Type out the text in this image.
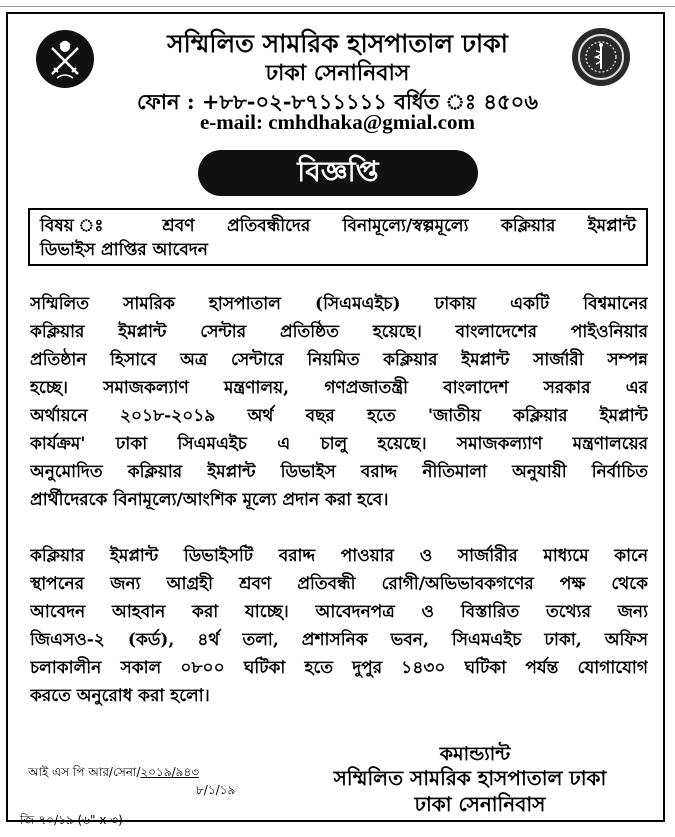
সম্মিলিত সামরিক হাসপাতাল ঢাকা
ঢাকা সেনানিবাস
ফোন : +৮৮-০২-৮৭১১১১১ বর্ধিত ঃ ৪৫০৬
e-mail: cmhdhaka@gmial.com
বিজ্ঞপ্তি
বিষয় ঃ শ্রবণ প্রতিবন্ধীদের বিনামূল্যে/স্বল্পমূল্যে কক্লিয়ার ইমপ্লান্ট
ডিভাইস প্রাপ্তির আবেদন
সম্মিলিত সামরিক হাসপাতাল (সিএমএইচ) ঢাকায় একটি বিশ্বমানের
কক্লিয়ার ইমপ্লান্ট সেন্টার প্রতিষ্ঠিত হয়েছে। বাংলাদেশের পাইওনিয়ার
প্রতিষ্ঠান হিসাবে অত্র সেন্টারে নিয়মিত কক্লিয়ার ইমপ্লান্ট সার্জারী সম্পন্ন
হচ্ছে। সমাজকল্যাণ মন্ত্রণালয়, গণপ্রজাতন্ত্রী বাংলাদেশ সরকার এর
অর্থায়নে ২০১৮-২০১৯ অর্থ বছর হতে 'জাতীয় কক্লিয়ার ইমপ্লান্ট
কার্যক্রম' ঢাকা সিএমএইচ এ চালু হয়েছে। সমাজকল্যাণ মন্ত্রণালয়ের
অনুমোদিত কক্লিয়ার ইমপ্লান্ট ডিভাইস বরাদ্দ নীতিমালা অনুযায়ী নির্বাচিত
প্রার্থীদেরকে বিনামূল্যে/আংশিক মূল্যে প্রদান করা হবে।
কক্লিয়ার ইমপ্লান্ট ডিভাইসটি বরাদ্দ পাওয়ার ও সার্জারীর মাধ্যমে কানে
স্থাপনের জন্য আগ্রহী শ্রবণ প্রতিবন্ধী রোগী/অভিভাবকগণের পক্ষ থেকে
আবেদন আহবান করা যাচ্ছে। আবেদনপত্র ও বিস্তারিত তথ্যের জন্য
জিএসও-২ (কর্ড), ৪র্থ তলা, প্রশাসনিক ভবন, সিএমএইচ ঢাকা, অফিস
চলাকালীন সকাল ০৮০০ ঘটিকা হতে দুপুর ১৪৩০ ঘটিকা পর্যন্ত যোগাযোগ
করতে অনুরোধ করা হলো।
আই এস পি আর/সেনা/২০১৯/৯৪৩
৮/১/১৯
কমান্ড্যান্ট
সম্মিলিত সামরিক হাসপাতাল ঢাকা
ঢাকা সেনানিবাস
জি-৭০/১৯ (৬" x ৩)
